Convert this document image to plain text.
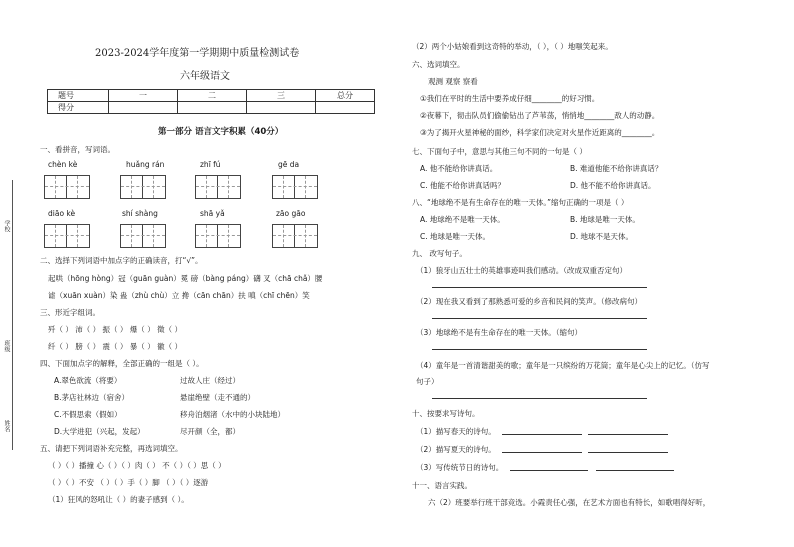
学校
班级
姓名
2023-2024学年度第一学期期中质量检测试卷
六年级语文
题号	一	二	三	总分
得分				
第一部分 语言文字积累（40分）
一、看拼音，写词语。
chèn kè	huǎng rán	zhī fú	gē da
diāo kè	shí shàng	shā yǎ	zāo gāo
二、选择下列词语中加点字的正确读音，打“√”。
起哄（hōng hòng）冠（guān guàn）冕 磅（bàng páng）礴 叉（chā chǎ）腰
谑（xuān xuàn）染 蛊（zhù chù）立 搀（cān chān）扶 嗔（chī chēn）笑
三、形近字组词。
歼（ ） 沛（ ） 振（ ） 爆（ ） 徵（ ）
纤（ ） 膀（ ） 震（ ） 暴（ ） 徽（ ）
四、下面加点字的解释，全部正确的一组是（ ）。
A.翠色欲流（将要）	过故人庄（经过）
B.茅店社林边（宿舍）	悬崖绝壁（走不通的）
C.不假思索（假如）	移舟泊烟渚（水中的小块陆地）
D.大学进犯（兴起，发起）	尽开颜（全，都）
五、请把下列词语补充完整，再选词填空。
（ ）（ ）播撞 心（ ）（ ）肉（ ） 不（ ）（ ）思（ ）
（ ）（ ）不安 （ ）（ ）手（ ）脚 （ ）（ ）逐游
（1）狂风的怒吼让（ ）的妻子感到（ ）。
（2）两个小姑娘看到这奇特的举动，（ ），（ ）地嗤笑起来。
六、选词填空。
观测 观察 察看
①我们在平时的生活中要养成仔细________的好习惯。
②夜幕下，彻击队员们偷偷钻出了芦苇荡，悄悄地________敌人的动静。
③为了揭开火星神秘的面纱，科学家们决定对火星作近距离的________。
七、下面句子中，意思与其他三句不同的一句是（ ）
A. 他不能给你讲真话。	B. 难道他能不给你讲真话？
C. 他能不给你讲真话吗？	D. 他不能不给你讲真话。
八、“地球绝不是有生命存在的唯一天体。”缩句正确的一项是（ ）
A. 地球绝不是唯一天体。	B. 地球是唯一天体。
C. 地球是唯一天体。	D. 地球不是天体。
九、 改写句子。
（1）狼牙山五壮士的英雄事迹叫我们感动。（改成双重否定句）
（2）现在我又看到了那熟悉可爱的乡音和民间的笑声。（修改病句）
（3）地球绝不是有生命存在的唯一天体。（缩句）
（4）童年是一首清谐甜美的歌；童年是一只缤纷的万花筒；童年是心尖上的记忆。（仿写
句子）
十、按要求写诗句。
（1）描写春天的诗句。
（2）描写夏天的诗句。
（3）写传统节日的诗句。
十一、语言实践。
六（2）班要举行班干部竞选。小霞责任心强，在艺术方面也有特长，如歌唱得好听，
